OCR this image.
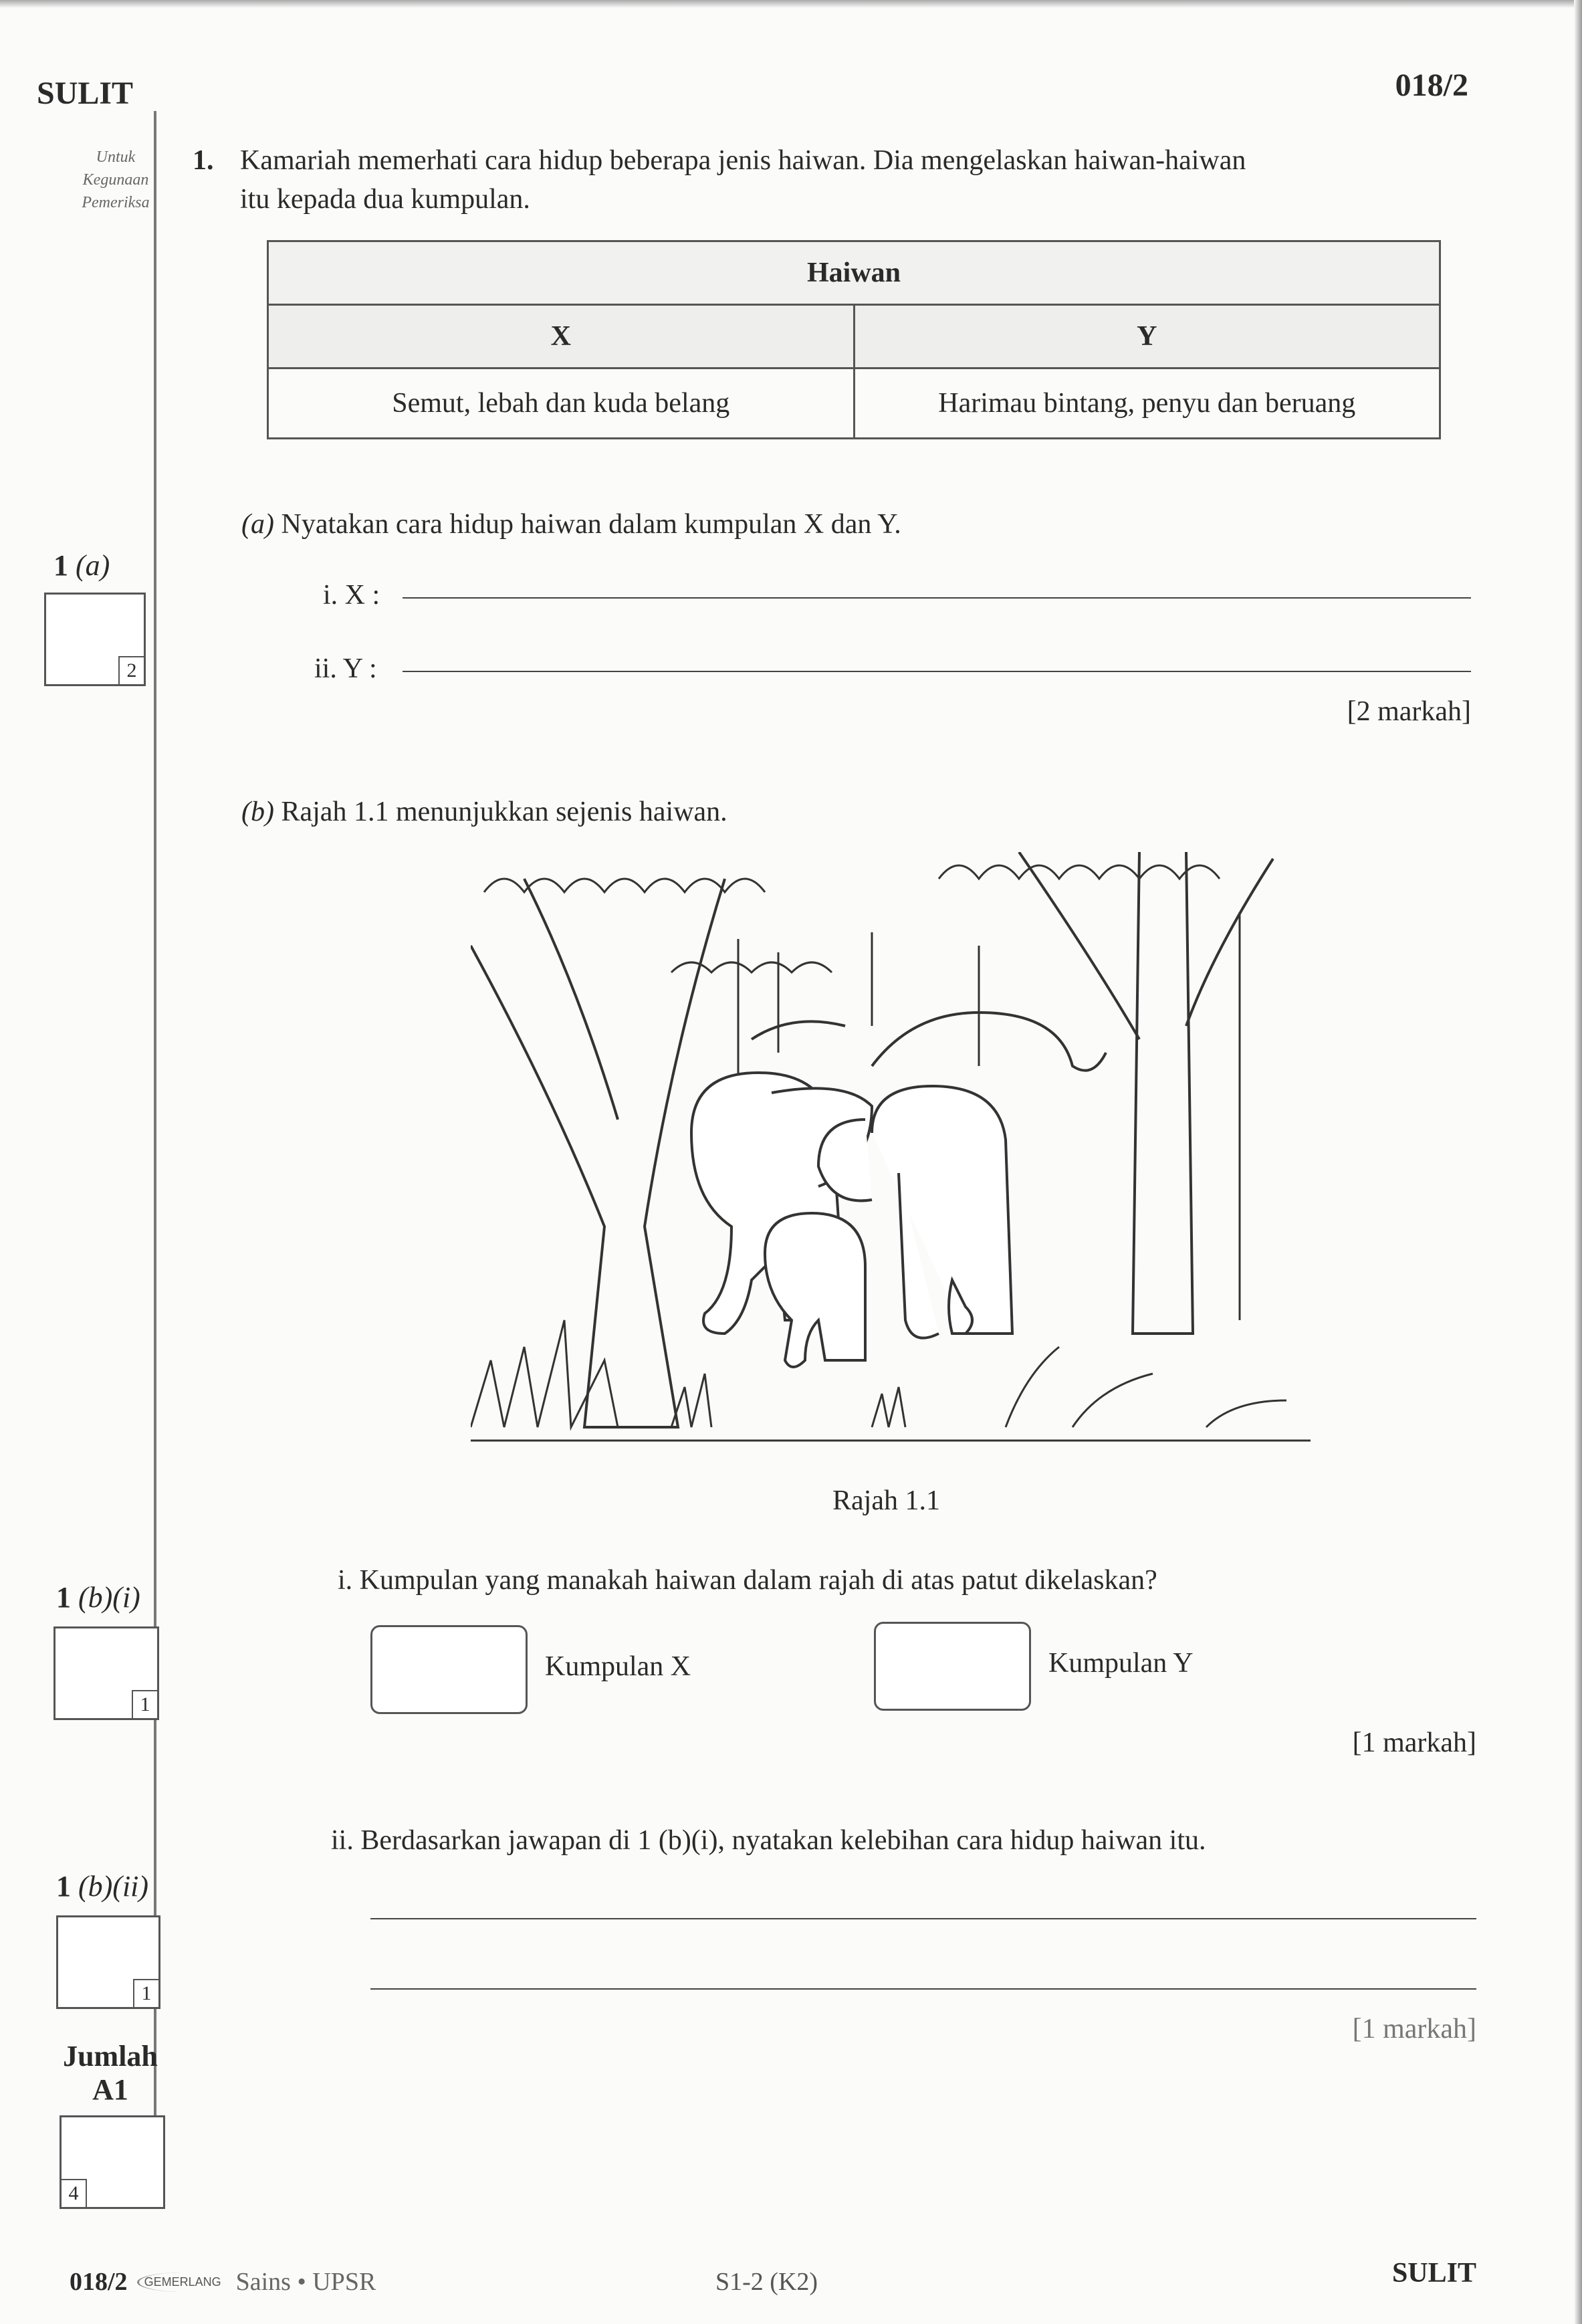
SULIT	018/2
Untuk
Kegunaan
Pemeriksa
1. Kamariah memerhati cara hidup beberapa jenis haiwan. Dia mengelaskan haiwan-haiwan
itu kepada dua kumpulan.
Haiwan	
X	Y
Semut, lebah dan kuda belang	Harimau bintang, penyu dan beruang
(a) Nyatakan cara hidup haiwan dalam kumpulan X dan Y.
i. X :
ii. Y :
[2 markah]
1 (a)
2
(b) Rajah 1.1 menunjukkan sejenis haiwan.
Rajah 1.1
i. Kumpulan yang manakah haiwan dalam rajah di atas patut dikelaskan?
Kumpulan X	Kumpulan Y
[1 markah]
1 (b)(i)
1
ii. Berdasarkan jawapan di 1 (b)(i), nyatakan kelebihan cara hidup haiwan itu.
[1 markah]
1 (b)(ii)
1
Jumlah
A1
4
018/2	GEMERLANG Sains • UPSR	S1-2 (K2)	SULIT
